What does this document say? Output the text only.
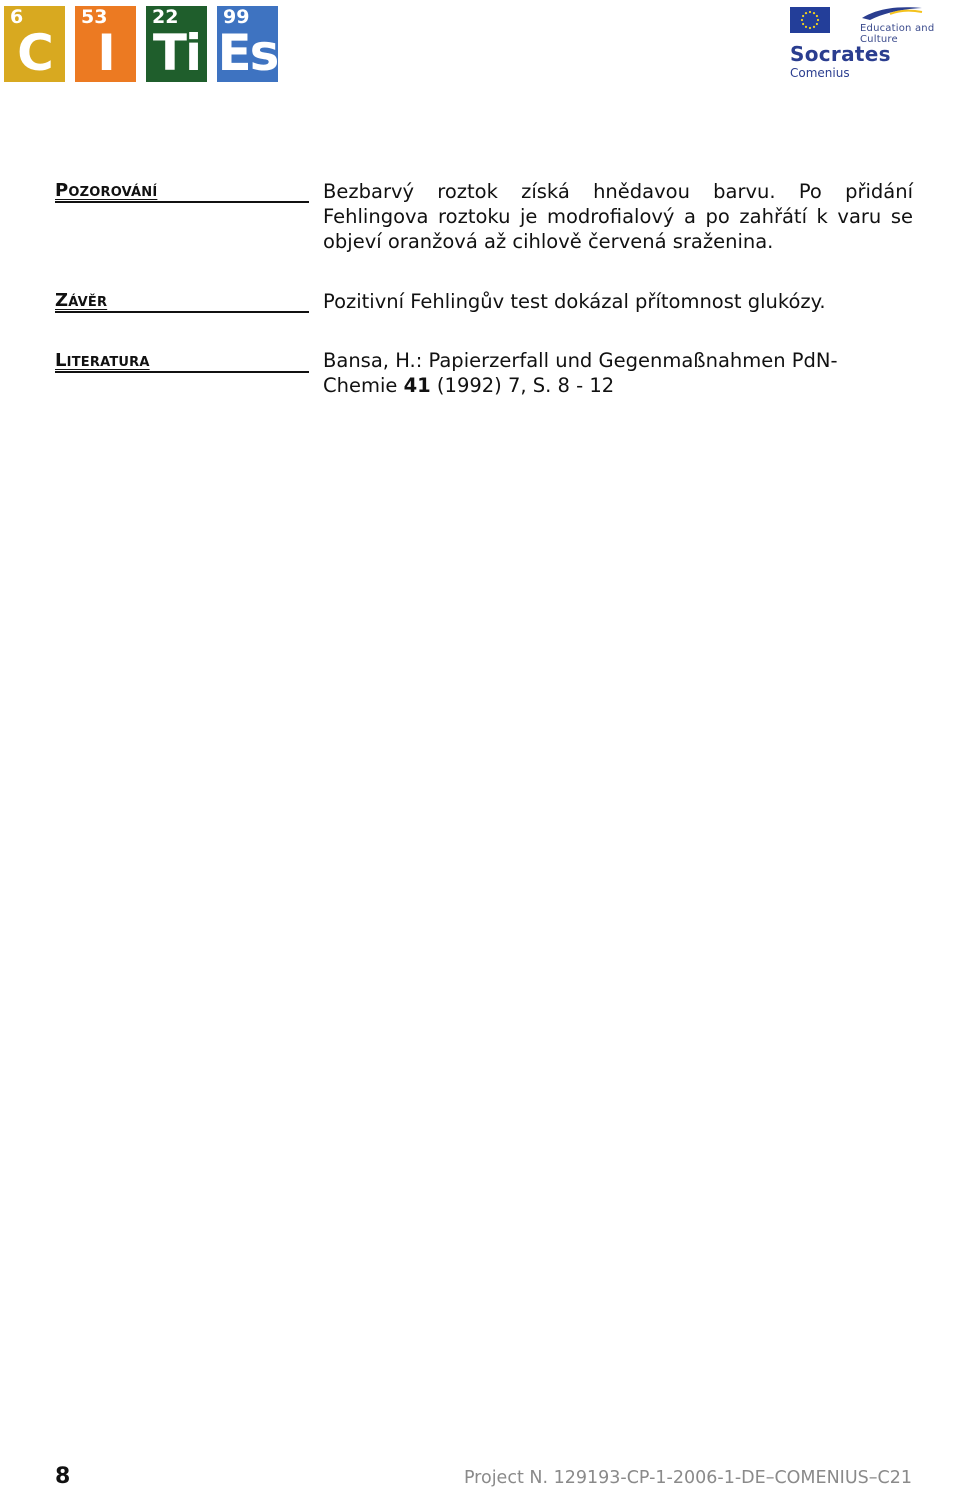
6
C
53
I
22
Ti
99
Es	Education and Culture
Socrates
Comenius
Pozorování	Bezbarvý roztok získá hnědavou barvu. Po přidání Fehlingova roztoku je modrofialový a po zahřátí k varu se objeví oranžová až cihlově červená sraženina.
Závěr	Pozitivní Fehlingův test dokázal přítomnost glukózy.
Literatura	Bansa, H.: Papierzerfall und Gegenmaßnahmen PdN-Chemie 41 (1992) 7, S. 8 - 12
8	Project N. 129193-CP-1-2006-1-DE–COMENIUS–C21
